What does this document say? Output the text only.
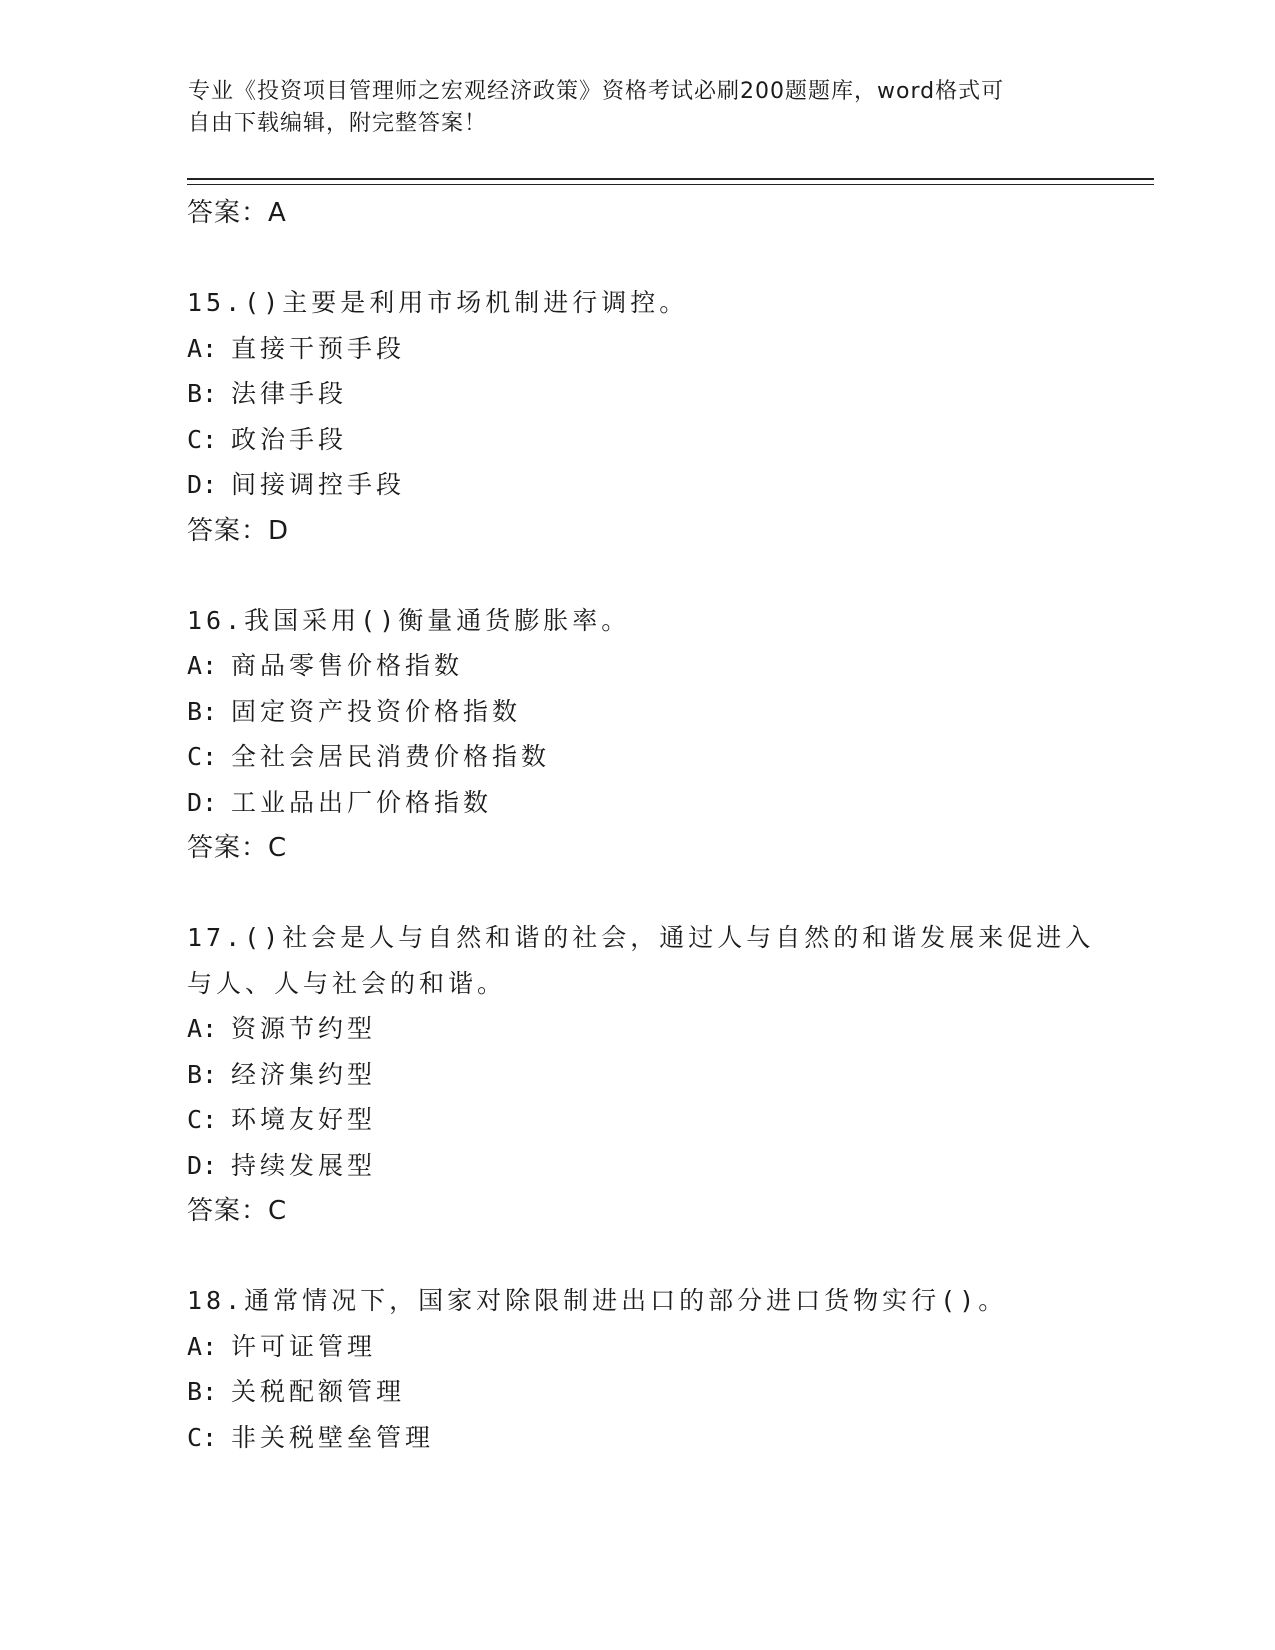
专业《投资项目管理师之宏观经济政策》资格考试必刷200题题库，word格式可
自由下载编辑，附完整答案！
答案：A
15.()主要是利用市场机制进行调控。
A: 直接干预手段
B: 法律手段
C: 政治手段
D: 间接调控手段
答案：D
16.我国采用()衡量通货膨胀率。
A: 商品零售价格指数
B: 固定资产投资价格指数
C: 全社会居民消费价格指数
D: 工业品出厂价格指数
答案：C
17.()社会是人与自然和谐的社会，通过人与自然的和谐发展来促进入
与人、人与社会的和谐。
A: 资源节约型
B: 经济集约型
C: 环境友好型
D: 持续发展型
答案：C
18.通常情况下，国家对除限制进出口的部分进口货物实行()。
A: 许可证管理
B: 关税配额管理
C: 非关税壁垒管理
